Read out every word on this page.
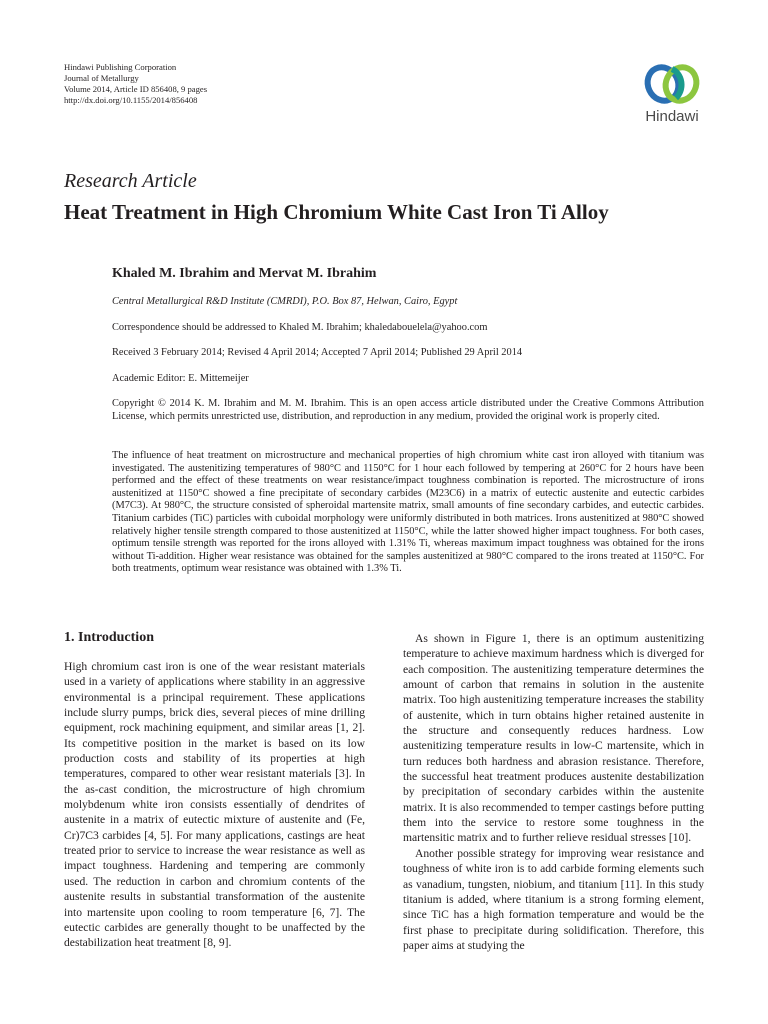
Hindawi Publishing Corporation
Journal of Metallurgy
Volume 2014, Article ID 856408, 9 pages
http://dx.doi.org/10.1155/2014/856408
Hindawi
Research Article
Heat Treatment in High Chromium White Cast Iron Ti Alloy
Khaled M. Ibrahim and Mervat M. Ibrahim
Central Metallurgical R&D Institute (CMRDI), P.O. Box 87, Helwan, Cairo, Egypt
Correspondence should be addressed to Khaled M. Ibrahim; khaledabouelela@yahoo.com
Received 3 February 2014; Revised 4 April 2014; Accepted 7 April 2014; Published 29 April 2014
Academic Editor: E. Mittemeijer

Copyright © 2014 K. M. Ibrahim and M. M. Ibrahim. This is an open access article distributed under the Creative Commons Attribution License, which permits unrestricted use, distribution, and reproduction in any medium, provided the original work is properly cited.

The influence of heat treatment on microstructure and mechanical properties of high chromium white cast iron alloyed with titanium was investigated. The austenitizing temperatures of 980°C and 1150°C for 1 hour each followed by tempering at 260°C for 2 hours have been performed and the effect of these treatments on wear resistance/impact toughness combination is reported. The microstructure of irons austenitized at 1150°C showed a fine precipitate of secondary carbides (M23C6) in a matrix of eutectic austenite and eutectic carbides (M7C3). At 980°C, the structure consisted of spheroidal martensite matrix, small amounts of fine secondary carbides, and eutectic carbides. Titanium carbides (TiC) particles with cuboidal morphology were uniformly distributed in both matrices. Irons austenitized at 980°C showed relatively higher tensile strength compared to those austenitized at 1150°C, while the latter showed higher impact toughness. For both cases, optimum tensile strength was reported for the irons alloyed with 1.31% Ti, whereas maximum impact toughness was obtained for the irons without Ti-addition. Higher wear resistance was obtained for the samples austenitized at 980°C compared to the irons treated at 1150°C. For both treatments, optimum wear resistance was obtained with 1.3% Ti.

1. Introduction

High chromium cast iron is one of the wear resistant materials used in a variety of applications where stability in an aggressive environmental is a principal requirement. These applications include slurry pumps, brick dies, several pieces of mine drilling equipment, rock machining equipment, and similar areas [1, 2]. Its competitive position in the market is based on its low production costs and stability of its properties at high temperatures, compared to other wear resistant materials [3]. In the as-cast condition, the microstructure of high chromium molybdenum white iron consists essentially of dendrites of austenite in a matrix of eutectic mixture of austenite and (Fe, Cr)7C3 carbides [4, 5]. For many applications, castings are heat treated prior to service to increase the wear resistance as well as impact toughness. Hardening and tempering are commonly used. The reduction in carbon and chromium contents of the austenite results in substantial transformation of the austenite into martensite upon cooling to room temperature [6, 7]. The eutectic carbides are generally thought to be unaffected by the destabilization heat treatment [8, 9].

As shown in Figure 1, there is an optimum austenitizing temperature to achieve maximum hardness which is diverged for each composition. The austenitizing temperature determines the amount of carbon that remains in solution in the austenite matrix. Too high austenitizing temperature increases the stability of austenite, which in turn obtains higher retained austenite in the structure and consequently reduces hardness. Low austenitizing temperature results in low-C martensite, which in turn reduces both hardness and abrasion resistance. Therefore, the successful heat treatment produces austenite destabilization by precipitation of secondary carbides within the austenite matrix. It is also recommended to temper castings before putting them into the service to restore some toughness in the martensitic matrix and to further relieve residual stresses [10].

Another possible strategy for improving wear resistance and toughness of white iron is to add carbide forming elements such as vanadium, tungsten, niobium, and titanium [11]. In this study titanium is added, where titanium is a strong forming element, since TiC has a high formation temperature and would be the first phase to precipitate during solidification. Therefore, this paper aims at studying the
